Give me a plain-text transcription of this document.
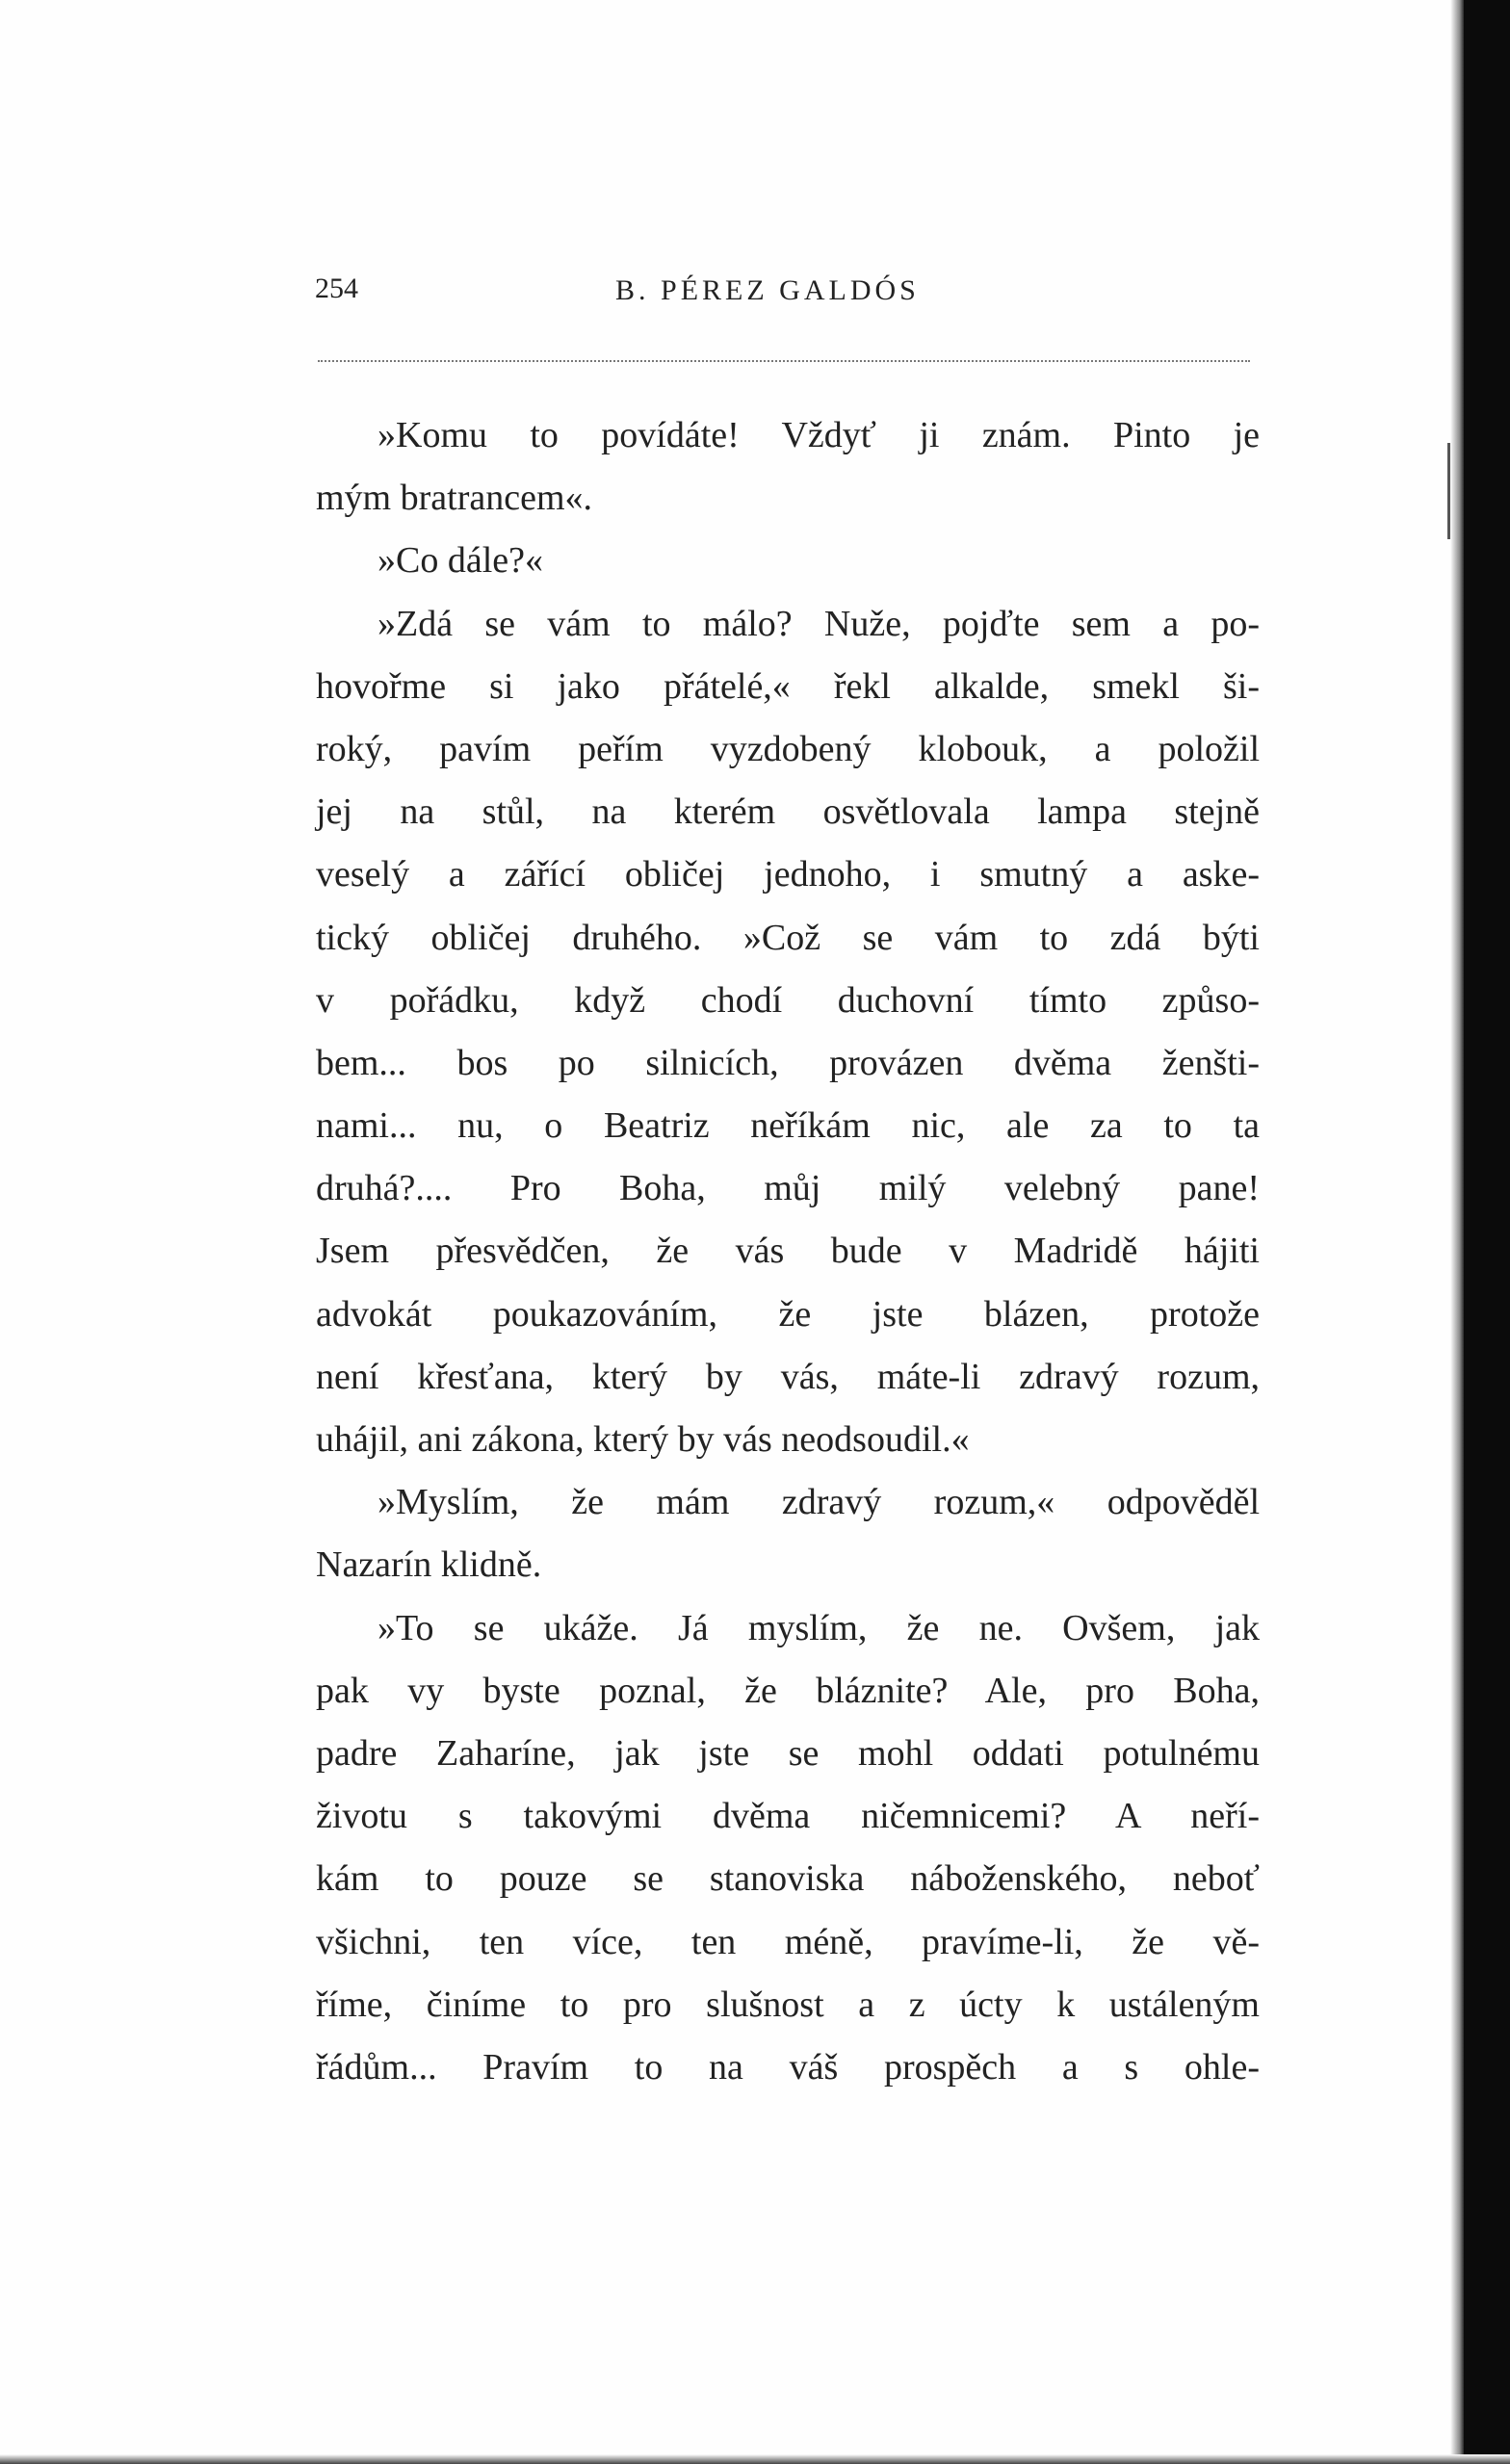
254	B. PÉREZ GALDÓS
»Komu to povídáte! Vždyť ji znám. Pinto je
mým bratrancem«.
»Co dále?«
»Zdá se vám to málo? Nuže, pojďte sem a po-
hovořme si jako přátelé,« řekl alkalde, smekl ši-
roký, pavím peřím vyzdobený klobouk, a položil
jej na stůl, na kterém osvětlovala lampa stejně
veselý a zářící obličej jednoho, i smutný a aske-
tický obličej druhého. »Což se vám to zdá býti
v pořádku, když chodí duchovní tímto způso-
bem... bos po silnicích, provázen dvěma ženšti-
nami... nu, o Beatriz neříkám nic, ale za to ta
druhá?.... Pro Boha, můj milý velebný pane!
Jsem přesvědčen, že vás bude v Madridě hájiti
advokát poukazováním, že jste blázen, protože
není křesťana, který by vás, máte-li zdravý rozum,
uhájil, ani zákona, který by vás neodsoudil.«
»Myslím, že mám zdravý rozum,« odpověděl
Nazarín klidně.
»To se ukáže. Já myslím, že ne. Ovšem, jak
pak vy byste poznal, že bláznite? Ale, pro Boha,
padre Zaharíne, jak jste se mohl oddati potulnému
životu s takovými dvěma ničemnicemi? A neří-
kám to pouze se stanoviska náboženského, neboť
všichni, ten více, ten méně, pravíme-li, že vě-
říme, činíme to pro slušnost a z úcty k ustáleným
řádům... Pravím to na váš prospěch a s ohle-
